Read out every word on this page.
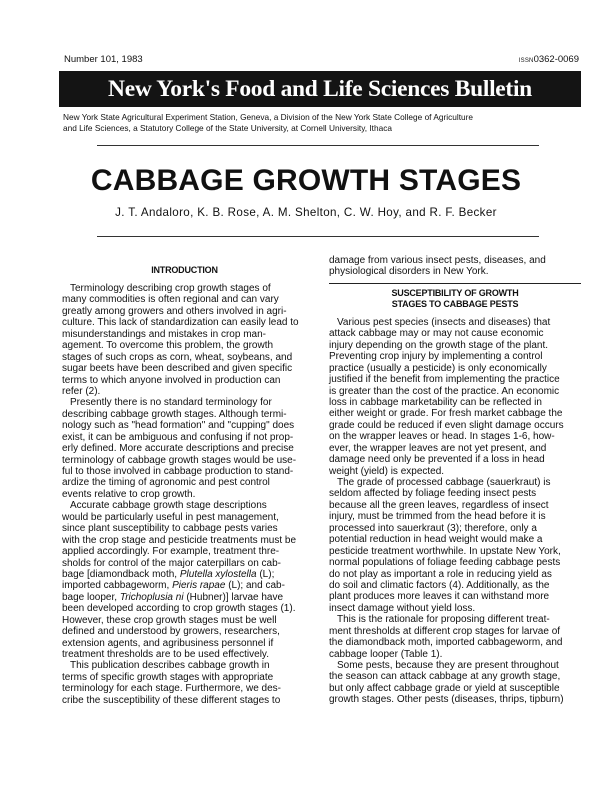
Number 101, 1983	ISSN0362-0069
New York's Food and Life Sciences Bulletin
New York State Agricultural Experiment Station, Geneva, a Division of the New York State College of Agriculture
and Life Sciences, a Statutory College of the State University, at Cornell University, Ithaca
CABBAGE GROWTH STAGES
J. T. Andaloro, K. B. Rose, A. M. Shelton, C. W. Hoy, and R. F. Becker
INTRODUCTION
Terminology describing crop growth stages of
many commodities is often regional and can vary
greatly among growers and others involved in agri-
culture. This lack of standardization can easily lead to
misunderstandings and mistakes in crop man-
agement. To overcome this problem, the growth
stages of such crops as corn, wheat, soybeans, and
sugar beets have been described and given specific
terms to which anyone involved in production can
refer (2).
Presently there is no standard terminology for
describing cabbage growth stages. Although termi-
nology such as "head formation" and "cupping" does
exist, it can be ambiguous and confusing if not prop-
erly defined. More accurate descriptions and precise
terminology of cabbage growth stages would be use-
ful to those involved in cabbage production to stand-
ardize the timing of agronomic and pest control
events relative to crop growth.
Accurate cabbage growth stage descriptions
would be particularly useful in pest management,
since plant susceptibility to cabbage pests varies
with the crop stage and pesticide treatments must be
applied accordingly. For example, treatment thre-
sholds for control of the major caterpillars on cab-
bage [diamondback moth, Plutella xylostella (L);
imported cabbageworm, Pieris rapae (L); and cab-
bage looper, Trichoplusia ni (Hubner)] larvae have
been developed according to crop growth stages (1).
However, these crop growth stages must be well
defined and understood by growers, researchers,
extension agents, and agribusiness personnel if
treatment thresholds are to be used effectively.
This publication describes cabbage growth in
terms of specific growth stages with appropriate
terminology for each stage. Furthermore, we des-
cribe the susceptibility of these different stages to
damage from various insect pests, diseases, and
physiological disorders in New York.
SUSCEPTIBILITY OF GROWTH
STAGES TO CABBAGE PESTS
Various pest species (insects and diseases) that
attack cabbage may or may not cause economic
injury depending on the growth stage of the plant.
Preventing crop injury by implementing a control
practice (usually a pesticide) is only economically
justified if the benefit from implementing the practice
is greater than the cost of the practice. An economic
loss in cabbage marketability can be reflected in
either weight or grade. For fresh market cabbage the
grade could be reduced if even slight damage occurs
on the wrapper leaves or head. In stages 1-6, how-
ever, the wrapper leaves are not yet present, and
damage need only be prevented if a loss in head
weight (yield) is expected.
The grade of processed cabbage (sauerkraut) is
seldom affected by foliage feeding insect pests
because all the green leaves, regardless of insect
injury, must be trimmed from the head before it is
processed into sauerkraut (3); therefore, only a
potential reduction in head weight would make a
pesticide treatment worthwhile. In upstate New York,
normal populations of foliage feeding cabbage pests
do not play as important a role in reducing yield as
do soil and climatic factors (4). Additionally, as the
plant produces more leaves it can withstand more
insect damage without yield loss.
This is the rationale for proposing different treat-
ment thresholds at different crop stages for larvae of
the diamondback moth, imported cabbageworm, and
cabbage looper (Table 1).
Some pests, because they are present throughout
the season can attack cabbage at any growth stage,
but only affect cabbage grade or yield at susceptible
growth stages. Other pests (diseases, thrips, tipburn)
